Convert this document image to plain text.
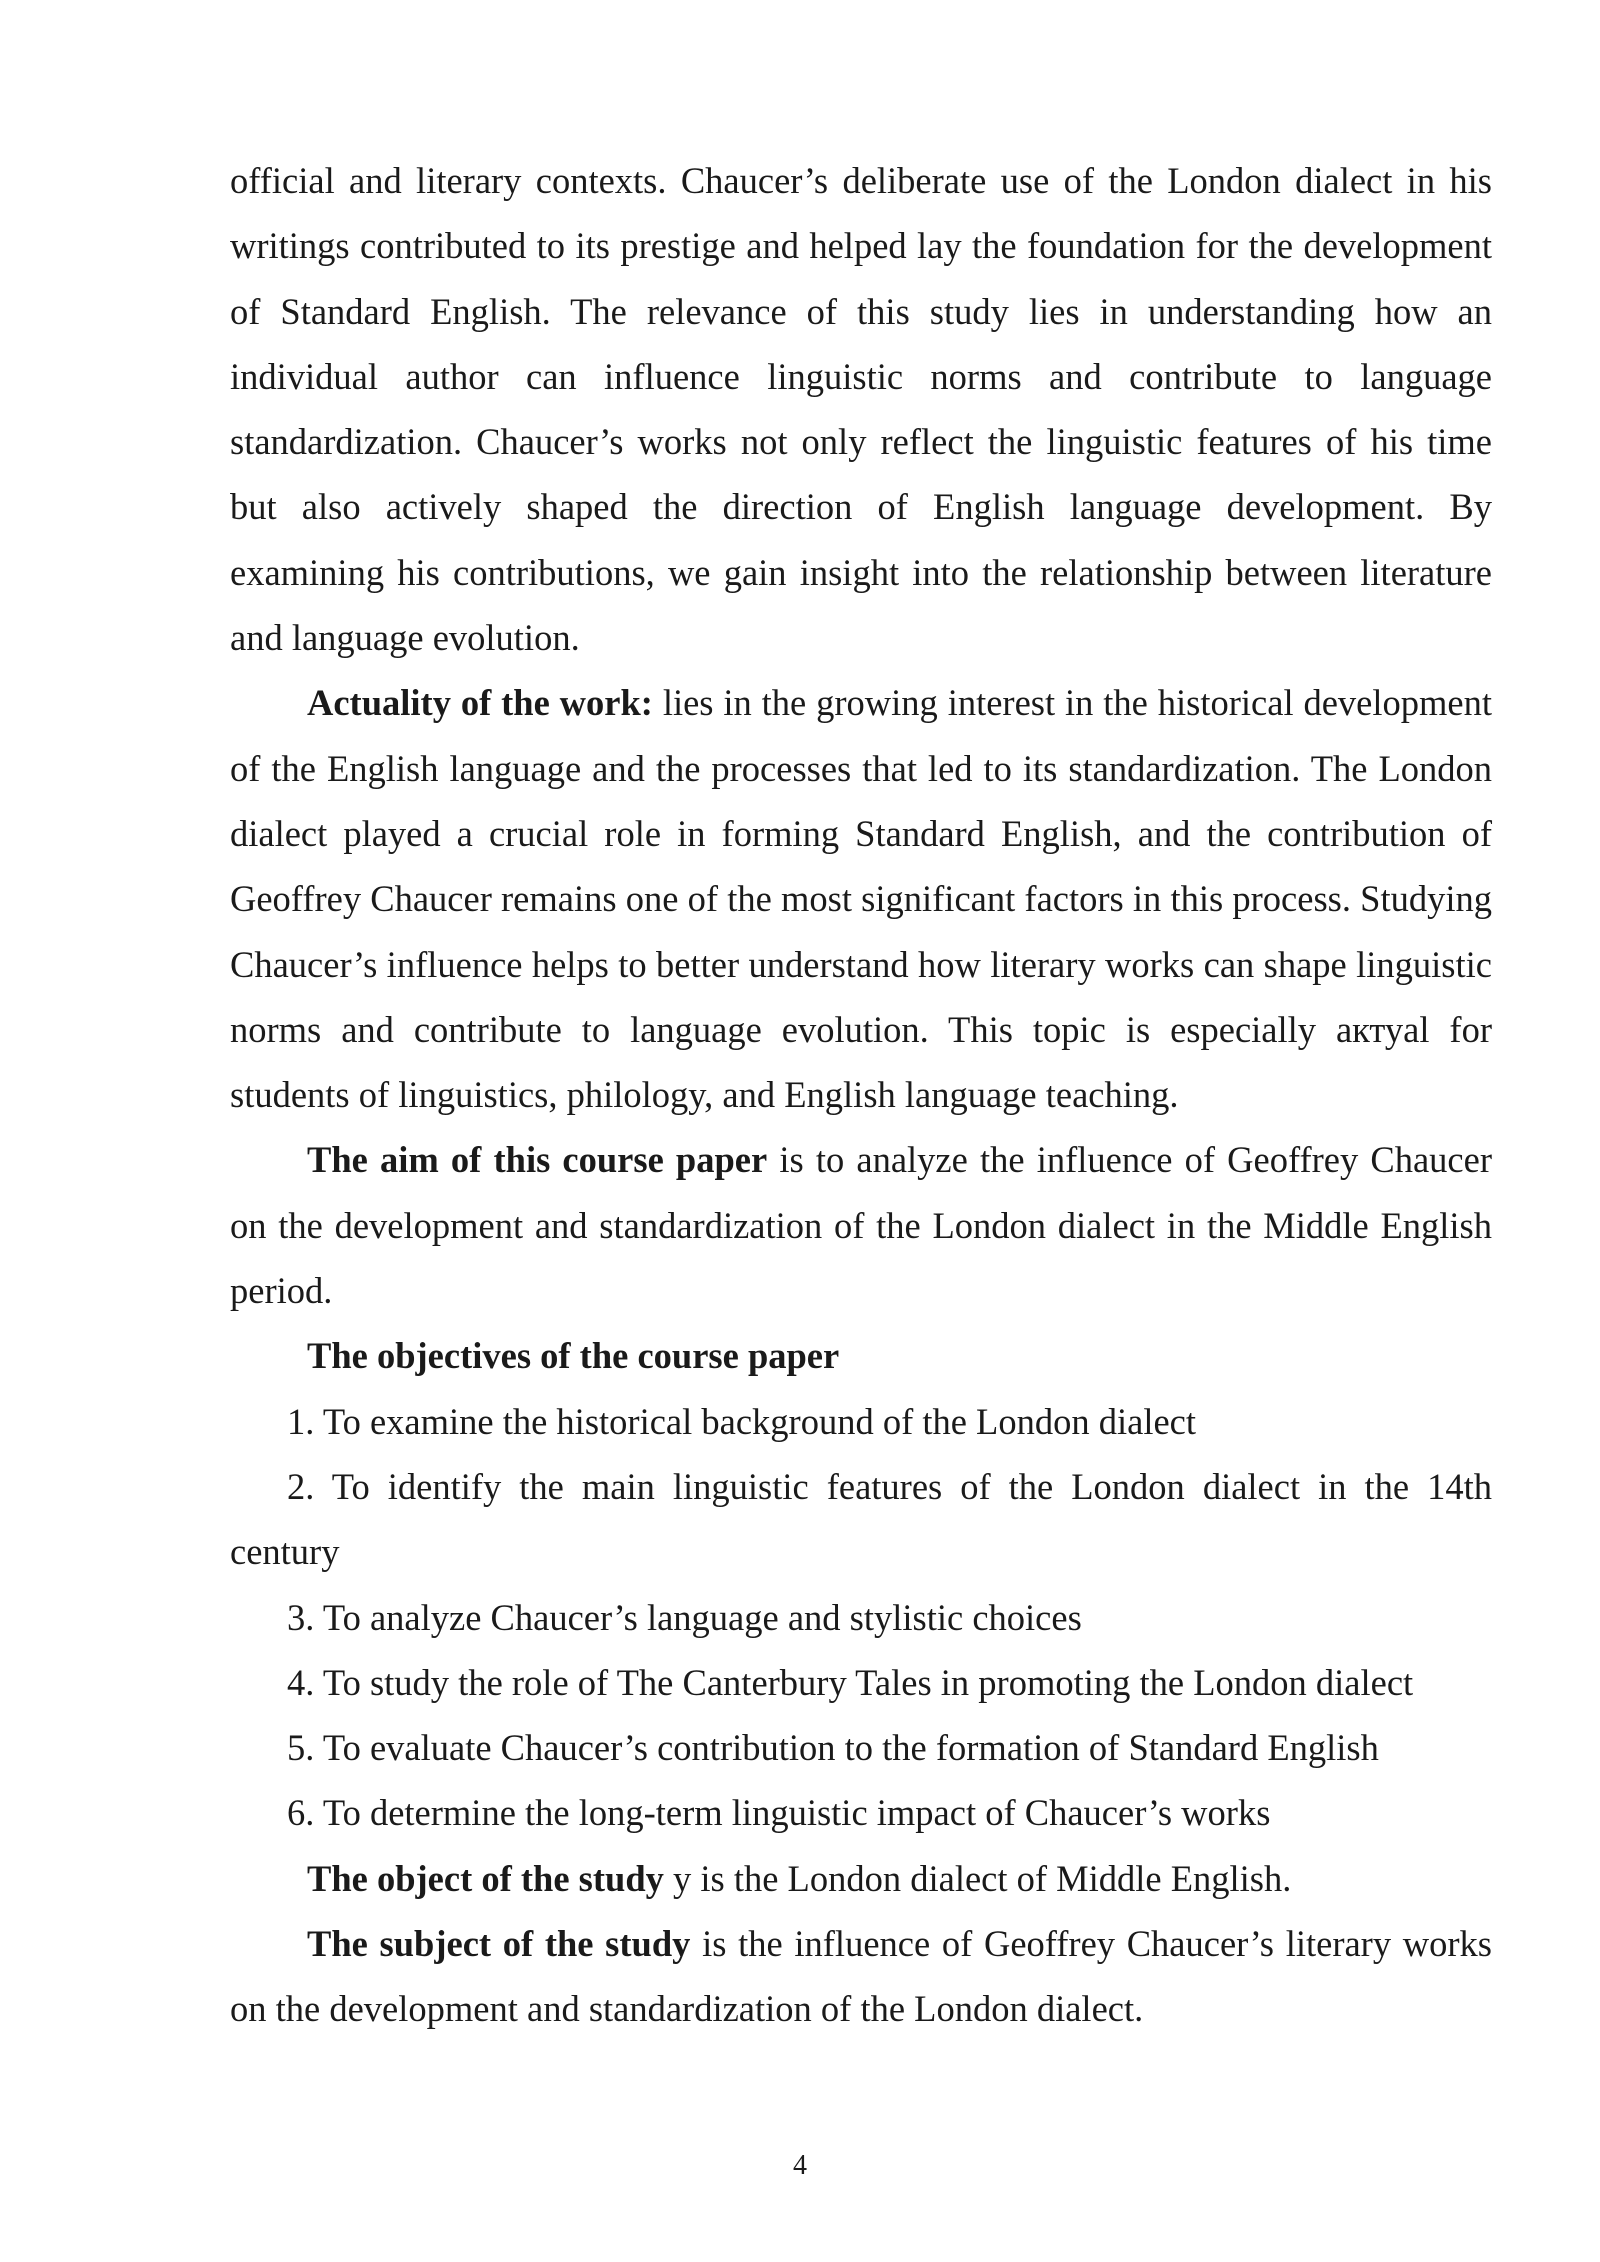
official and literary contexts. Chaucer’s deliberate use of the London dialect in his writings contributed to its prestige and helped lay the foundation for the development of Standard English. The relevance of this study lies in understanding how an individual author can influence linguistic norms and contribute to language standardization. Chaucer’s works not only reflect the linguistic features of his time but also actively shaped the direction of English language development. By examining his contributions, we gain insight into the relationship between literature and language evolution.

Actuality of the work: lies in the growing interest in the historical development of the English language and the processes that led to its standardization. The London dialect played a crucial role in forming Standard English, and the contribution of Geoffrey Chaucer remains one of the most significant factors in this process. Studying Chaucer’s influence helps to better understand how literary works can shape linguistic norms and contribute to language evolution. This topic is especially актуal for students of linguistics, philology, and English language teaching.

The aim of this course paper is to analyze the influence of Geoffrey Chaucer on the development and standardization of the London dialect in the Middle English period.

The objectives of the course paper

1. To examine the historical background of the London dialect

2. To identify the main linguistic features of the London dialect in the 14th century

3. To analyze Chaucer’s language and stylistic choices

4. To study the role of The Canterbury Tales in promoting the London dialect

5. To evaluate Chaucer’s contribution to the formation of Standard English

6. To determine the long-term linguistic impact of Chaucer’s works

The object of the study y is the London dialect of Middle English.

The subject of the study is the influence of Geoffrey Chaucer’s literary works on the development and standardization of the London dialect.

4
